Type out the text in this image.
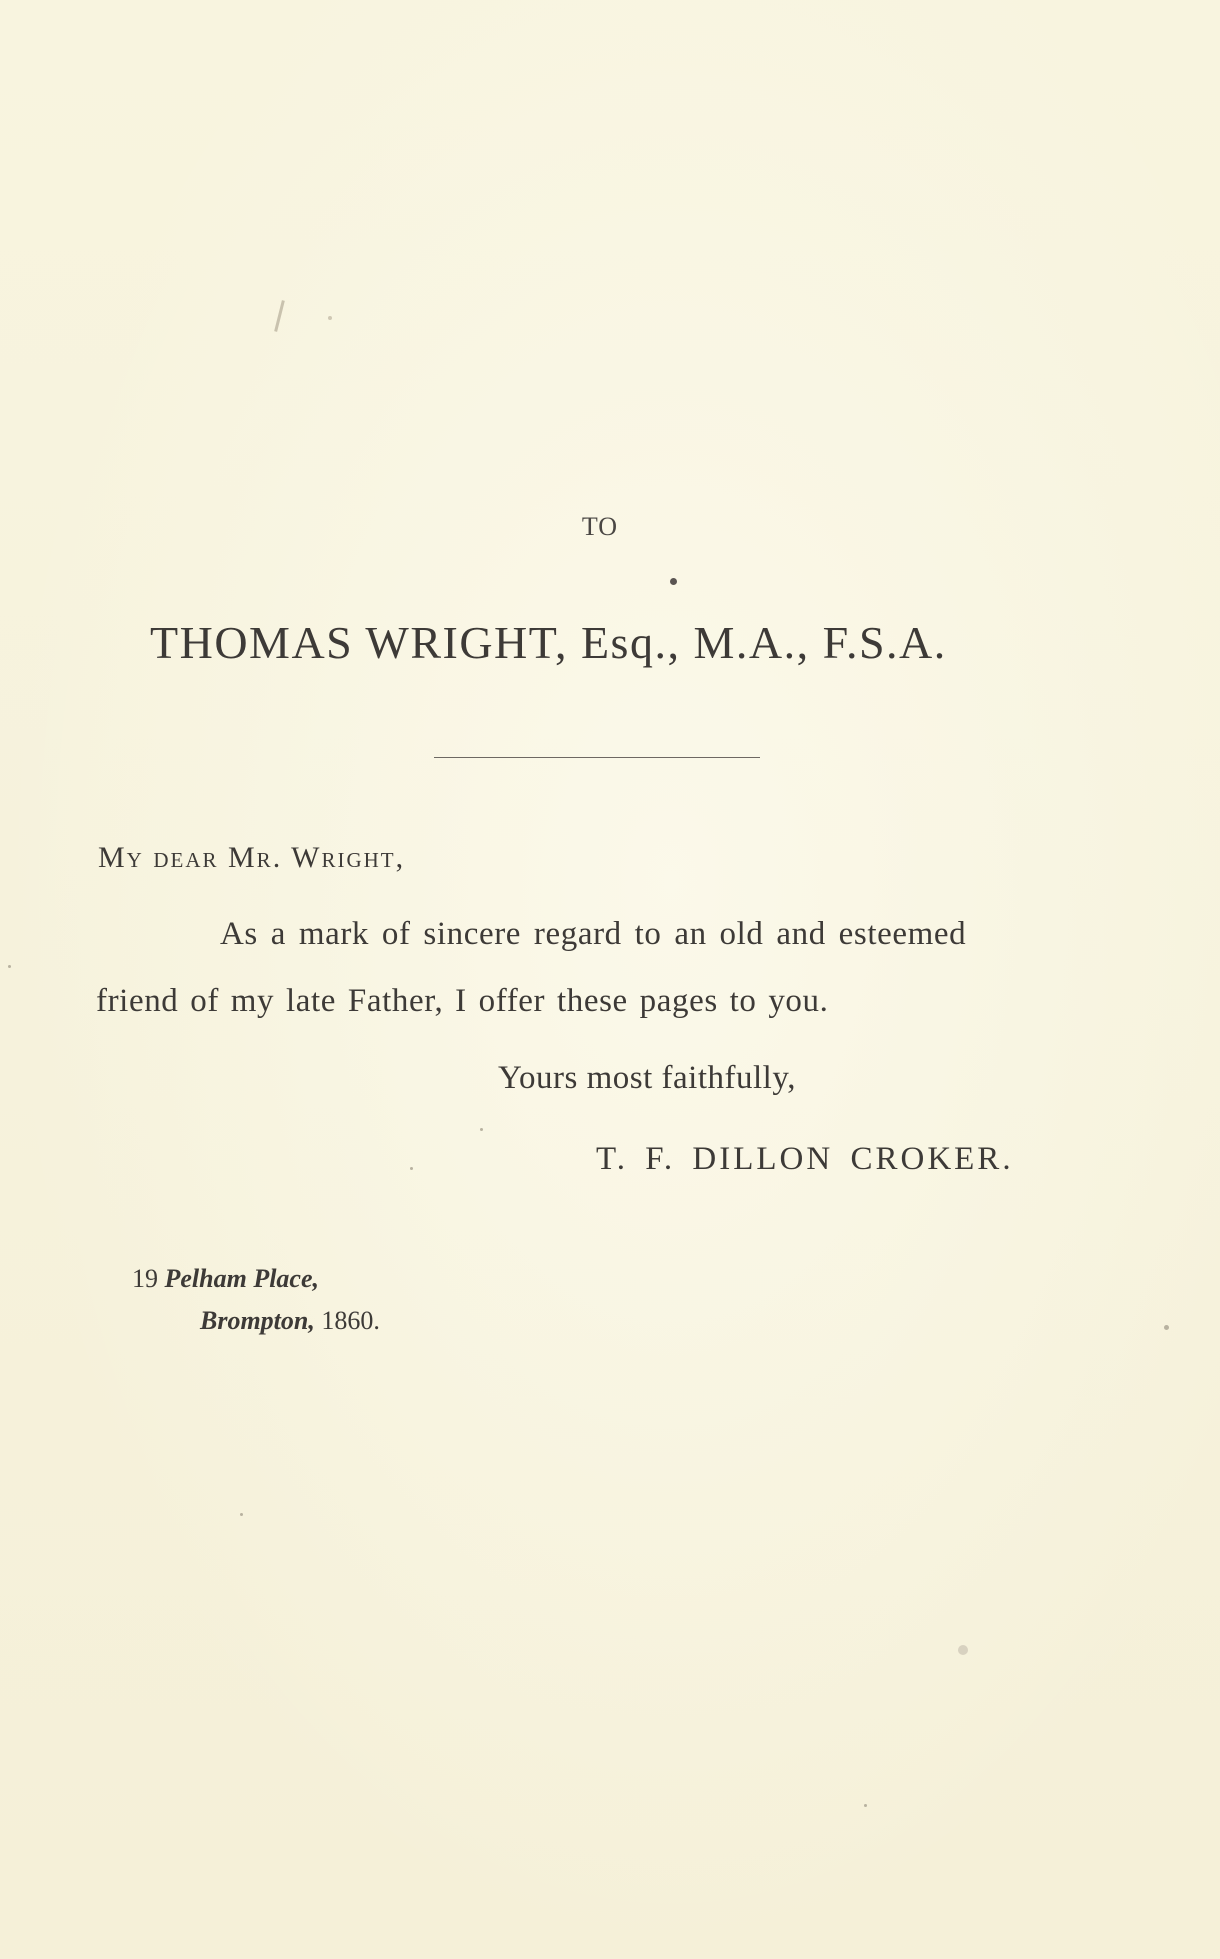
TO
THOMAS WRIGHT, Esq., M.A., F.S.A.
My dear Mr. Wright,
As a mark of sincere regard to an old and esteemed
friend of my late Father, I offer these pages to you.
Yours most faithfully,
T. F. DILLON CROKER.
19 Pelham Place,
Brompton, 1860.
